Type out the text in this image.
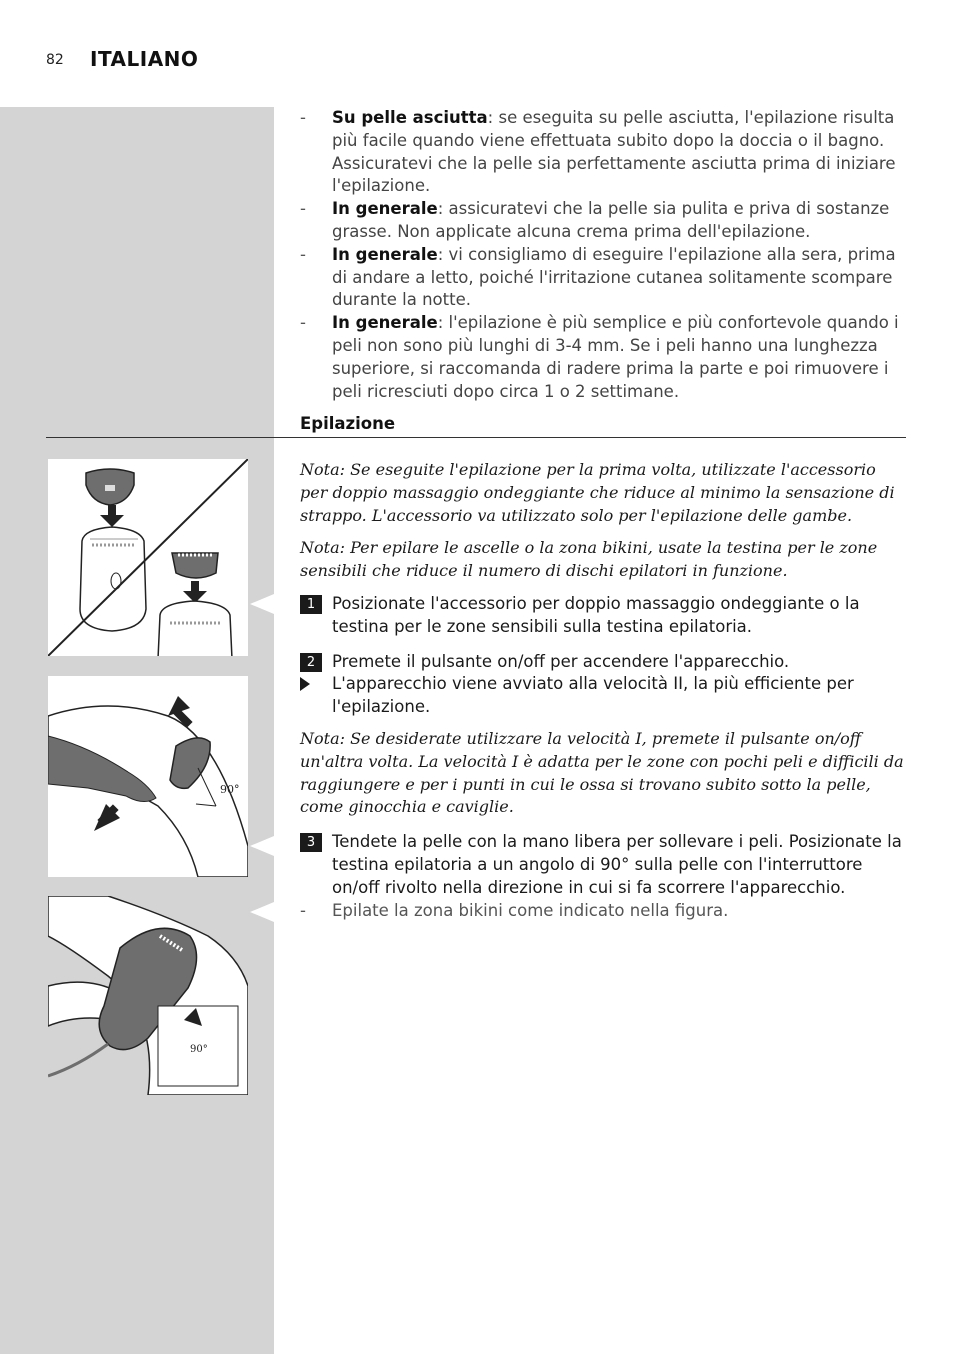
82 ITALIANO
- Su pelle asciutta: se eseguita su pelle asciutta, l'epilazione risulta più facile quando viene effettuata subito dopo la doccia o il bagno. Assicuratevi che la pelle sia perfettamente asciutta prima di iniziare l'epilazione.
- In generale: assicuratevi che la pelle sia pulita e priva di sostanze grasse. Non applicate alcuna crema prima dell'epilazione.
- In generale: vi consigliamo di eseguire l'epilazione alla sera, prima di andare a letto, poiché l'irritazione cutanea solitamente scompare durante la notte.
- In generale: l'epilazione è più semplice e più confortevole quando i peli non sono più lunghi di 3-4 mm. Se i peli hanno una lunghezza superiore, si raccomanda di radere prima la parte e poi rimuovere i peli ricresciuti dopo circa 1 o 2 settimane.
Epilazione
90°
90°

Nota: Se eseguite l'epilazione per la prima volta, utilizzate l'accessorio per doppio massaggio ondeggiante che riduce al minimo la sensazione di strappo. L'accessorio va utilizzato solo per l'epilazione delle gambe.

Nota: Per epilare le ascelle o la zona bikini, usate la testina per le zone sensibili che riduce il numero di dischi epilatori in funzione.

1	Posizionate l'accessorio per doppio massaggio ondeggiante o la testina per le zone sensibili sulla testina epilatoria.
2	Premete il pulsante on/off per accendere l'apparecchio.
L'apparecchio viene avviato alla velocità II, la più efficiente per l'epilazione.

Nota: Se desiderate utilizzare la velocità I, premete il pulsante on/off un'altra volta. La velocità I è adatta per le zone con pochi peli e difficili da raggiungere e per i punti in cui le ossa si trovano subito sotto la pelle, come ginocchia e caviglie.

3	Tendete la pelle con la mano libera per sollevare i peli. Posizionate la testina epilatoria a un angolo di 90° sulla pelle con l'interruttore on/off rivolto nella direzione in cui si fa scorrere l'apparecchio.
- Epilate la zona bikini come indicato nella figura.
